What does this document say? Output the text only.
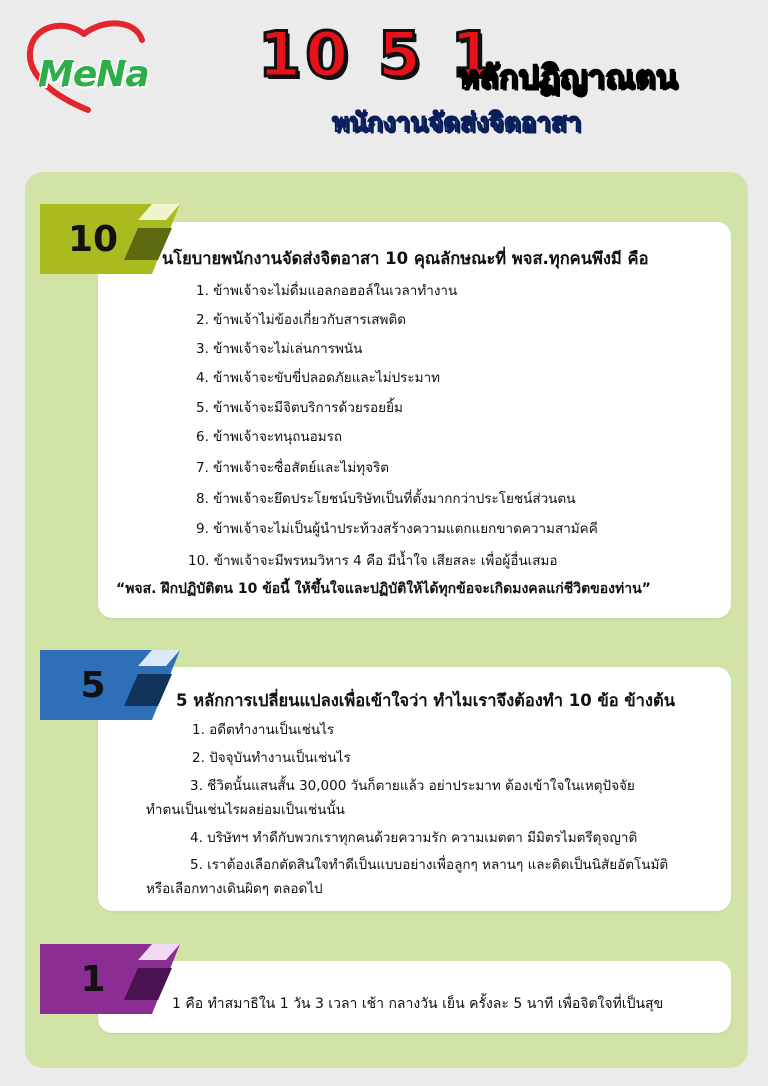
MeNa 10 5 1
หลักปฏิญาณตน
พนักงานจัดส่งจิตอาสา
10	นโยบายพนักงานจัดส่งจิตอาสา 10 คุณลักษณะที่ พจส.ทุกคนพึงมี คือ
1. ข้าพเจ้าจะไม่ดื่มแอลกอฮอล์ในเวลาทำงาน
2. ข้าพเจ้าไม่ข้องเกี่ยวกับสารเสพติด
3. ข้าพเจ้าจะไม่เล่นการพนัน
4. ข้าพเจ้าจะขับขี่ปลอดภัยและไม่ประมาท
5. ข้าพเจ้าจะมีจิตบริการด้วยรอยยิ้ม
6. ข้าพเจ้าจะทนุถนอมรถ
7. ข้าพเจ้าจะซื่อสัตย์และไม่ทุจริต
8. ข้าพเจ้าจะยึดประโยชน์บริษัทเป็นที่ตั้งมากกว่าประโยชน์ส่วนตน
9. ข้าพเจ้าจะไม่เป็นผู้นำประท้วงสร้างความแตกแยกขาดความสามัคคี
10. ข้าพเจ้าจะมีพรหมวิหาร 4 คือ มีน้ำใจ เสียสละ เพื่อผู้อื่นเสมอ
“พจส. ฝึกปฏิบัติตน 10 ข้อนี้ ให้ขึ้นใจและปฏิบัติให้ได้ทุกข้อจะเกิดมงคลแก่ชีวิตของท่าน”
5	5 หลักการเปลี่ยนแปลงเพื่อเข้าใจว่า ทำไมเราจึงต้องทำ 10 ข้อ ข้างต้น
1. อดีตทำงานเป็นเช่นไร
2. ปัจจุบันทำงานเป็นเช่นไร
3. ชีวิตนั้นแสนสั้น 30,000 วันก็ตายแล้ว อย่าประมาท ต้องเข้าใจในเหตุปัจจัย
ทำตนเป็นเช่นไรผลย่อมเป็นเช่นนั้น
4. บริษัทฯ ทำดีกับพวกเราทุกคนด้วยความรัก ความเมตตา มีมิตรไมตรีดุจญาติ
5. เราต้องเลือกตัดสินใจทำดีเป็นแบบอย่างเพื่อลูกๆ หลานๆ และติดเป็นนิสัยอัตโนมัติ
หรือเลือกทางเดินผิดๆ ตลอดไป
1
1 คือ ทำสมาธิใน 1 วัน 3 เวลา เช้า กลางวัน เย็น ครั้งละ 5 นาที เพื่อจิตใจที่เป็นสุข
